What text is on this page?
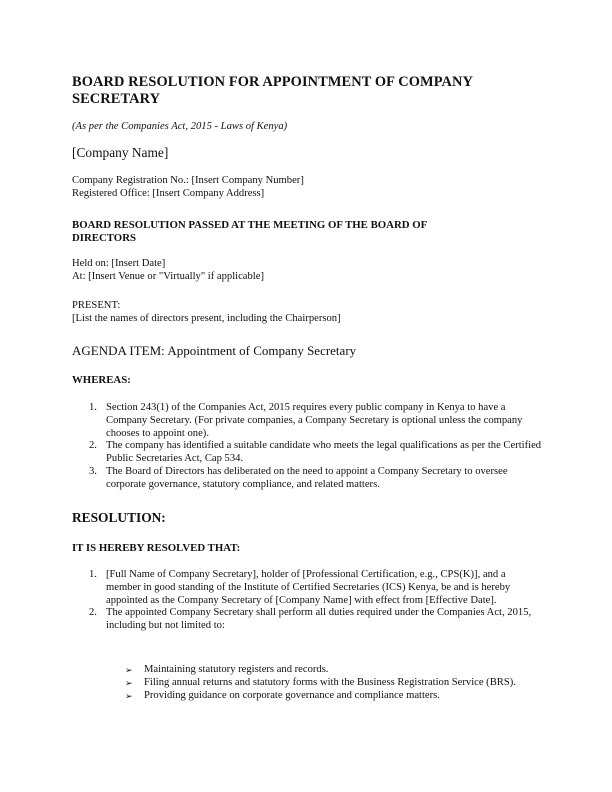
BOARD RESOLUTION FOR APPOINTMENT OF COMPANY SECRETARY

(As per the Companies Act, 2015 - Laws of Kenya)

[Company Name]

Company Registration No.: [Insert Company Number]
Registered Office: [Insert Company Address]
BOARD RESOLUTION PASSED AT THE MEETING OF THE BOARD OF DIRECTORS
Held on: [Insert Date]
At: [Insert Venue or "Virtually" if applicable]
PRESENT:
[List the names of directors present, including the Chairperson]

AGENDA ITEM: Appointment of Company Secretary

WHEREAS:

1. Section 243(1) of the Companies Act, 2015 requires every public company in Kenya to have a Company Secretary. (For private companies, a Company Secretary is optional unless the company chooses to appoint one).
2. The company has identified a suitable candidate who meets the legal qualifications as per the Certified Public Secretaries Act, Cap 534.
3. The Board of Directors has deliberated on the need to appoint a Company Secretary to oversee corporate governance, statutory compliance, and related matters.

RESOLUTION:

IT IS HEREBY RESOLVED THAT:

1. [Full Name of Company Secretary], holder of [Professional Certification, e.g., CPS(K)], and a member in good standing of the Institute of Certified Secretaries (ICS) Kenya, be and is hereby appointed as the Company Secretary of [Company Name] with effect from [Effective Date].
2. The appointed Company Secretary shall perform all duties required under the Companies Act, 2015, including but not limited to:
➢ Maintaining statutory registers and records.
➢ Filing annual returns and statutory forms with the Business Registration Service (BRS).
➢ Providing guidance on corporate governance and compliance matters.
